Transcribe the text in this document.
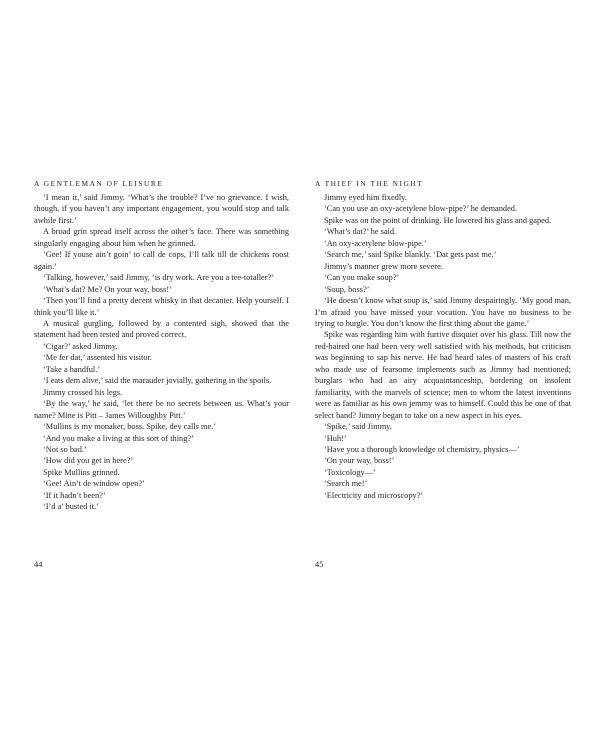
A GENTLEMAN OF LEISURE

‘I mean it,’ said Jimmy. ‘What’s the trouble? I’ve no grievance. I wish, though, if you haven’t any important engagement, you would stop and talk awhile first.’

A broad grin spread itself across the other’s face. There was something singularly engaging about him when he grinned.

‘Gee! If youse ain’t goin’ to call de cops, I’ll talk till de chickens roost again.’

‘Talking, however,’ said Jimmy, ‘is dry work. Are you a tee-totaller?’

‘What’s dat? Me? On your way, boss!’

‘Then you’ll find a pretty decent whisky in that decanter. Help yourself. I think you’ll like it.’

A musical gurgling, followed by a contented sigh, showed that the statement had been tested and proved correct.

‘Cigar?’ asked Jimmy.

‘Me fer dat,’ assented his visitor.

‘Take a handful.’

‘I eats dem alive,’ said the marauder jovially, gathering in the spoils.

Jimmy crossed his legs.

‘By the way,’ he said, ‘let there be no secrets between us. What’s your name? Mine is Pitt – James Willoughby Pitt.’

‘Mullins is my monaker, boss. Spike, dey calls me.’

‘And you make a living at this sort of thing?’

‘Not so bad.’

‘How did you get in here?’

Spike Mullins grinned.

‘Gee! Ain’t de window open?’

‘If it hadn’t been?’

‘I’d a’ busted it.’

44
A THIEF IN THE NIGHT

Jimmy eyed him fixedly.

‘Can you use an oxy-acetylene blow-pipe?’ he demanded.

Spike was on the point of drinking. He lowered his glass and gaped.

‘What’s dat?’ he said.

‘An oxy-acetylene blow-pipe.’

‘Search me,’ said Spike blankly. ‘Dat gets past me.’

Jimmy’s manner grew more severe.

‘Can you make soup?’

‘Soup, boss?’

‘He doesn’t know what soup is,’ said Jimmy despairingly. ‘My good man, I’m afraid you have missed your vocation. You have no business to be trying to burgle. You don’t know the first thing about the game.’

Spike was regarding him with furtive disquiet over his glass. Till now the red-haired one had been very well satisfied with his methods, but criticism was beginning to sap his nerve. He had heard tales of masters of his craft who made use of fearsome implements such as Jimmy had mentioned; burglars who had an airy acquaintanceship, bordering on insolent familiarity, with the marvels of science; men to whom the latest inventions were as familiar as his own jemmy was to himself. Could this be one of that select band? Jimmy began to take on a new aspect in his eyes.

‘Spike,’ said Jimmy.

‘Huh!’

‘Have you a thorough knowledge of chemistry, physics—’

‘On your way, boss!’

‘Toxicology—’

‘Search me!’

‘Electricity and microscopy?’

45
